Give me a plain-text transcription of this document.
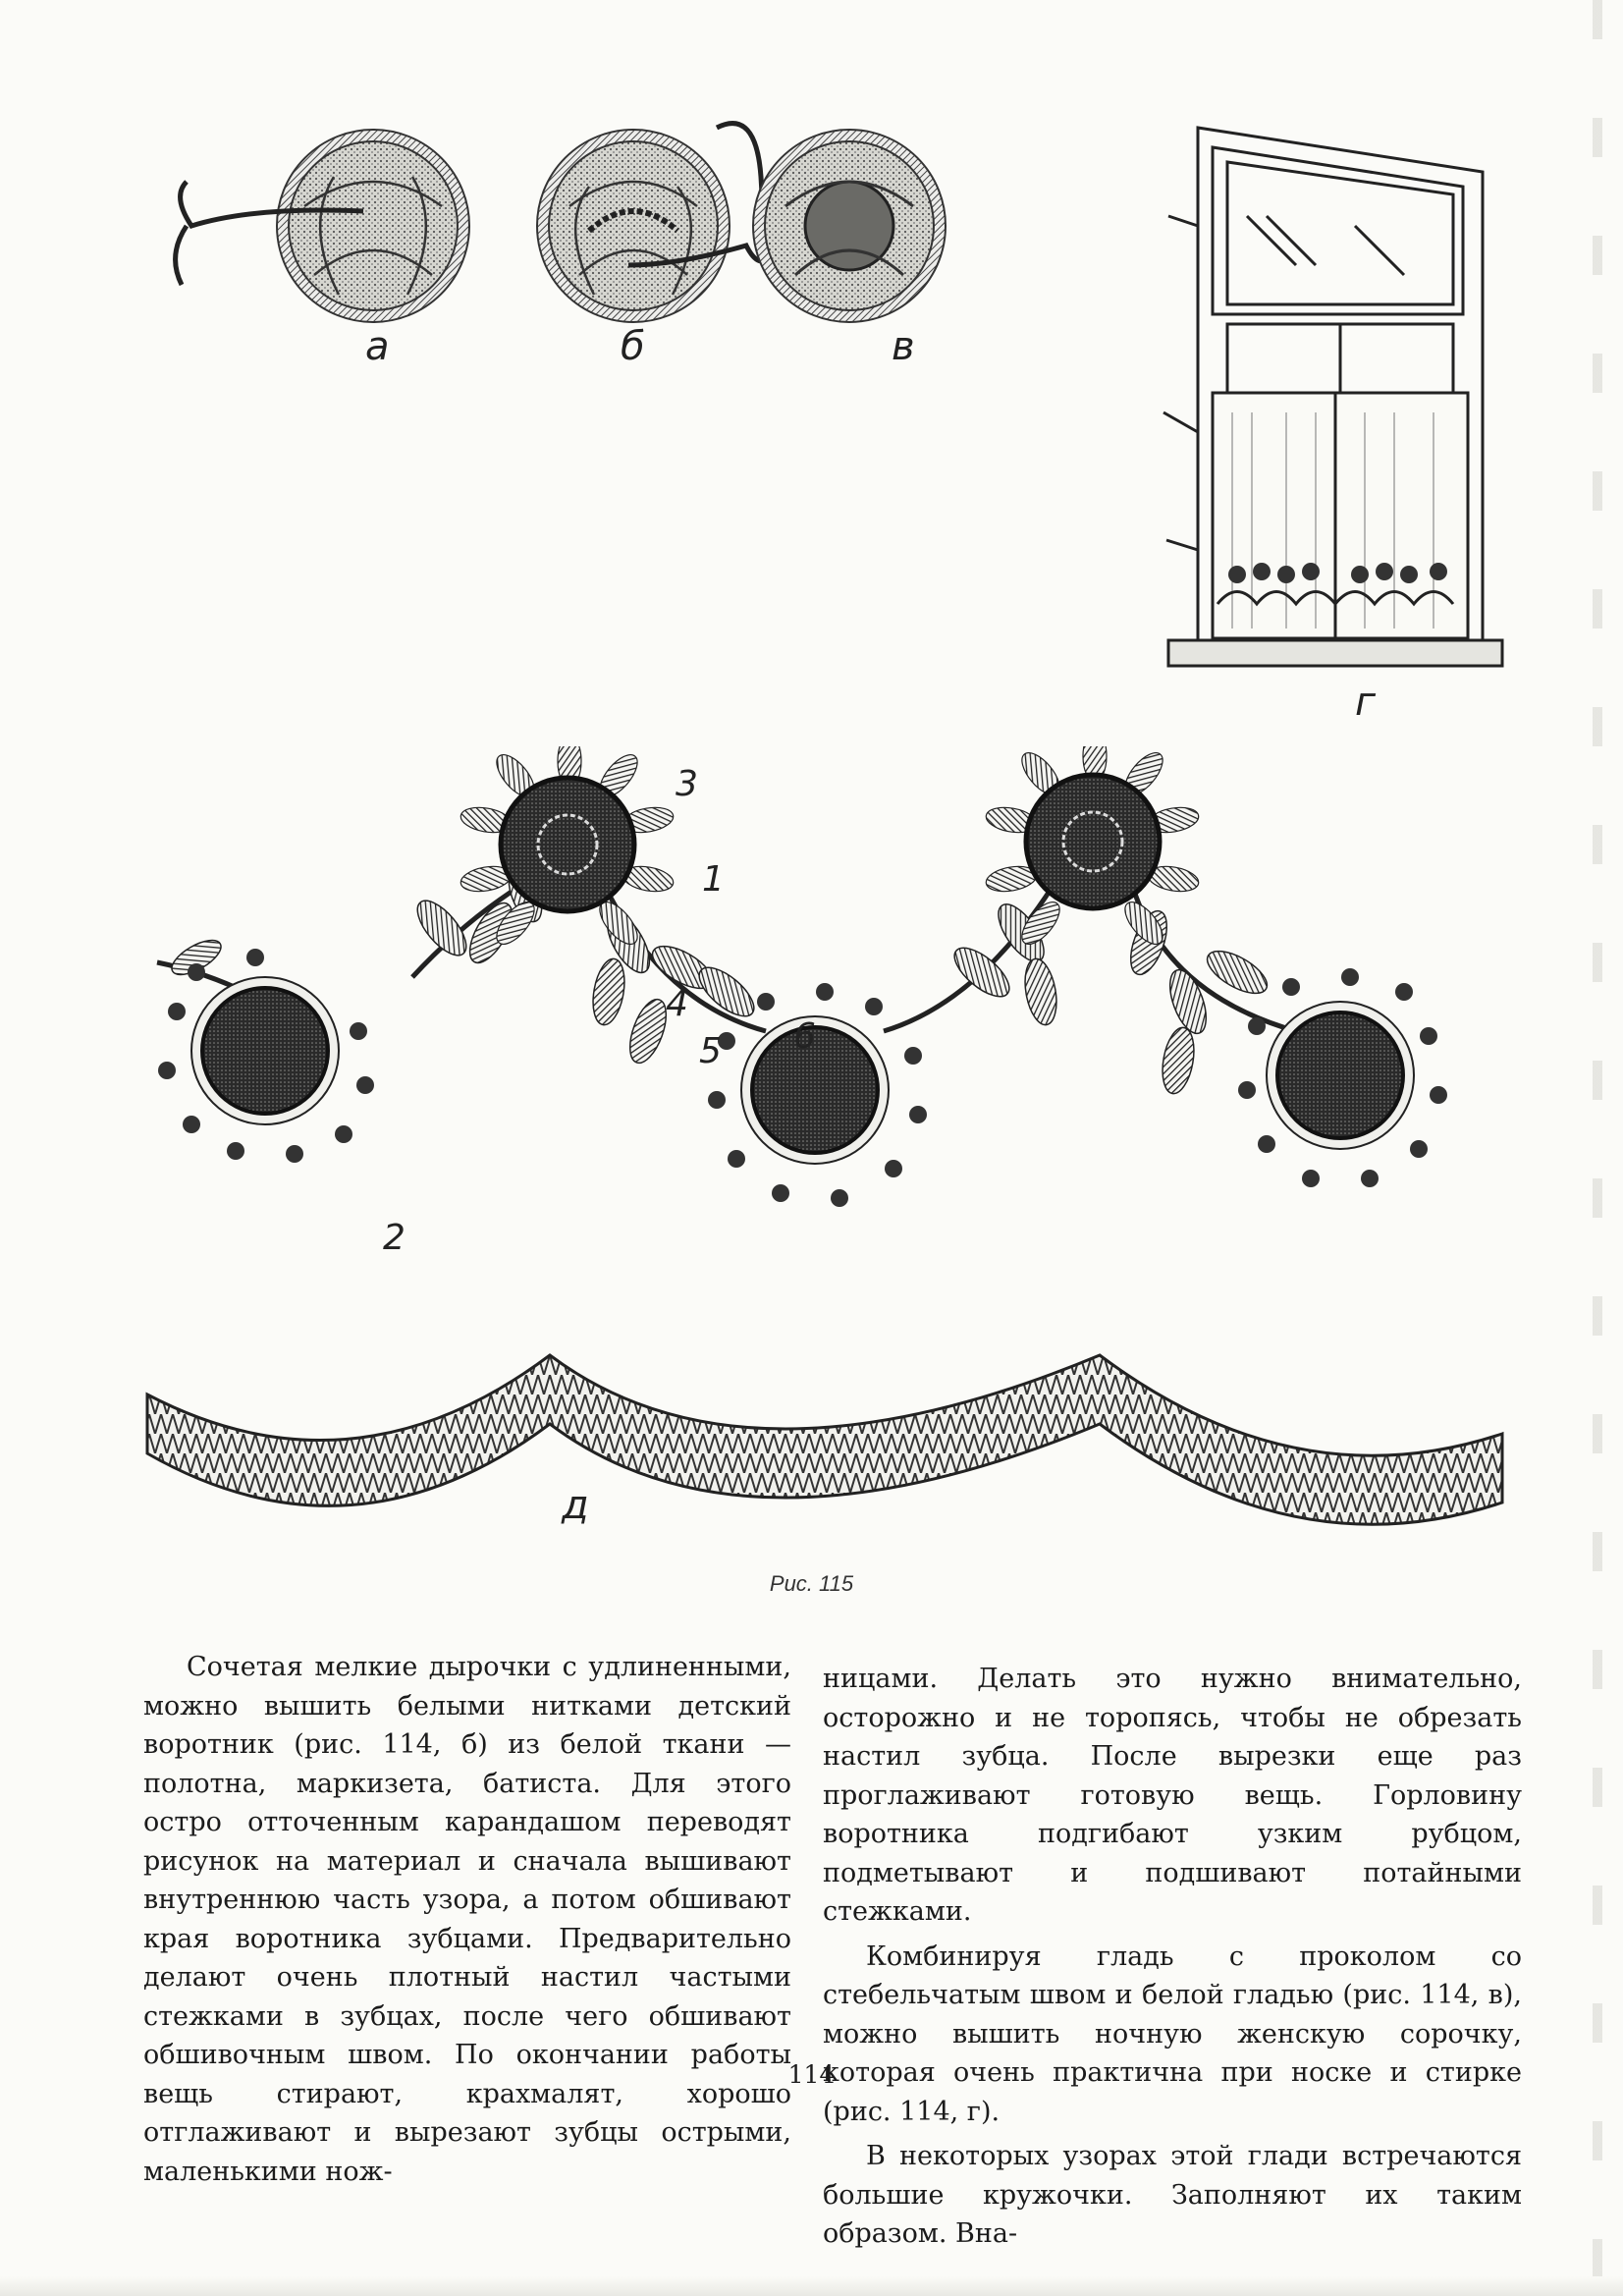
а	б	в
г
3
1
4
5 6
2
д
Рис. 115

Сочетая мелкие дырочки с удлиненными, можно вышить белыми нитками детский воротник (рис. 114, б) из белой ткани — полотна, маркизета, батиста. Для этого остро отточенным карандашом переводят рисунок на материал и сначала вышивают внутреннюю часть узора, а потом обшивают края воротника зубцами. Предварительно делают очень плотный настил частыми стежками в зубцах, после чего обшивают обшивочным швом. По окончании работы вещь стирают, крахмалят, хорошо отглаживают и вырезают зубцы острыми, маленькими нож-

ницами. Делать это нужно внимательно, осторожно и не торопясь, чтобы не обрезать настил зубца. После вырезки еще раз проглаживают готовую вещь. Горловину воротника подгибают узким рубцом, подметывают и подшивают потайными стежками.

Комбинируя гладь с проколом со стебельчатым швом и белой гладью (рис. 114, в), можно вышить ночную женскую сорочку, которая очень практична при носке и стирке (рис. 114, г).

В некоторых узорах этой глади встречаются большие кружочки. Заполняют их таким образом. Вна-

114
